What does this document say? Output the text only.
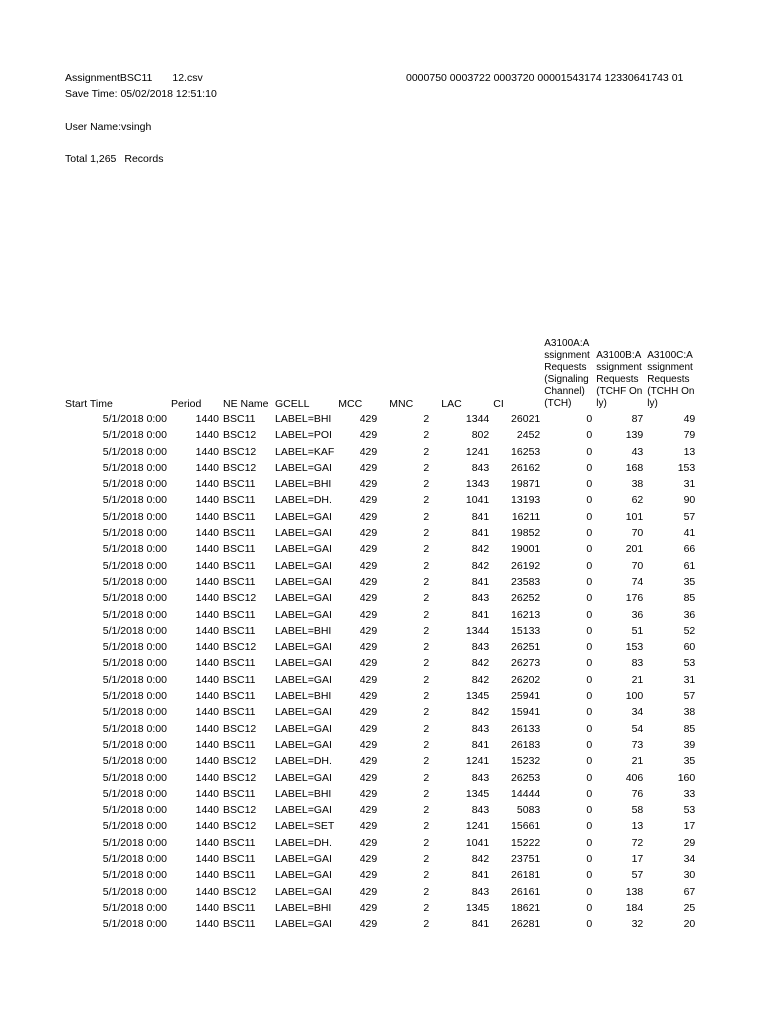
AssignmentBSC11 12.csv	0000750 0003722 0003720 00001543174 12330641743 01
Save Time: 05/02/2018 12:51:10
User Name:vsingh
Total 1,265 Records
Start Time	Period	NE Name	GCELL	MCC	MNC	LAC	CI	A3100A:Assignment Requests (Signaling Channel) (TCH)	A3100B:Assignment Requests (TCHF Only)	A3100C:Assignment Requests (TCHH Only)
5/1/2018 0:00	1440	BSC11	LABEL=BHI	429	2	1344	26021	0	87	49
5/1/2018 0:00	1440	BSC12	LABEL=POI	429	2	802	2452	0	139	79
5/1/2018 0:00	1440	BSC12	LABEL=KAF	429	2	1241	16253	0	43	13
5/1/2018 0:00	1440	BSC12	LABEL=GAI	429	2	843	26162	0	168	153
5/1/2018 0:00	1440	BSC11	LABEL=BHI	429	2	1343	19871	0	38	31
5/1/2018 0:00	1440	BSC11	LABEL=DH.	429	2	1041	13193	0	62	90
5/1/2018 0:00	1440	BSC11	LABEL=GAI	429	2	841	16211	0	101	57
5/1/2018 0:00	1440	BSC11	LABEL=GAI	429	2	841	19852	0	70	41
5/1/2018 0:00	1440	BSC11	LABEL=GAI	429	2	842	19001	0	201	66
5/1/2018 0:00	1440	BSC11	LABEL=GAI	429	2	842	26192	0	70	61
5/1/2018 0:00	1440	BSC11	LABEL=GAI	429	2	841	23583	0	74	35
5/1/2018 0:00	1440	BSC12	LABEL=GAI	429	2	843	26252	0	176	85
5/1/2018 0:00	1440	BSC11	LABEL=GAI	429	2	841	16213	0	36	36
5/1/2018 0:00	1440	BSC11	LABEL=BHI	429	2	1344	15133	0	51	52
5/1/2018 0:00	1440	BSC12	LABEL=GAI	429	2	843	26251	0	153	60
5/1/2018 0:00	1440	BSC11	LABEL=GAI	429	2	842	26273	0	83	53
5/1/2018 0:00	1440	BSC11	LABEL=GAI	429	2	842	26202	0	21	31
5/1/2018 0:00	1440	BSC11	LABEL=BHI	429	2	1345	25941	0	100	57
5/1/2018 0:00	1440	BSC11	LABEL=GAI	429	2	842	15941	0	34	38
5/1/2018 0:00	1440	BSC12	LABEL=GAI	429	2	843	26133	0	54	85
5/1/2018 0:00	1440	BSC11	LABEL=GAI	429	2	841	26183	0	73	39
5/1/2018 0:00	1440	BSC12	LABEL=DH.	429	2	1241	15232	0	21	35
5/1/2018 0:00	1440	BSC12	LABEL=GAI	429	2	843	26253	0	406	160
5/1/2018 0:00	1440	BSC11	LABEL=BHI	429	2	1345	14444	0	76	33
5/1/2018 0:00	1440	BSC12	LABEL=GAI	429	2	843	5083	0	58	53
5/1/2018 0:00	1440	BSC12	LABEL=SET	429	2	1241	15661	0	13	17
5/1/2018 0:00	1440	BSC11	LABEL=DH.	429	2	1041	15222	0	72	29
5/1/2018 0:00	1440	BSC11	LABEL=GAI	429	2	842	23751	0	17	34
5/1/2018 0:00	1440	BSC11	LABEL=GAI	429	2	841	26181	0	57	30
5/1/2018 0:00	1440	BSC12	LABEL=GAI	429	2	843	26161	0	138	67
5/1/2018 0:00	1440	BSC11	LABEL=BHI	429	2	1345	18621	0	184	25
5/1/2018 0:00	1440	BSC11	LABEL=GAI	429	2	841	26281	0	32	20
